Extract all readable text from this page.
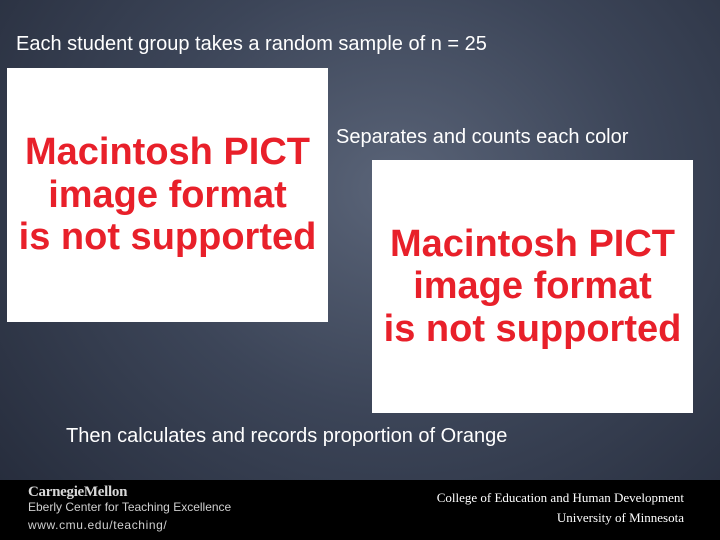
Each student group takes a random sample of n = 25
Macintosh PICT
image format
is not supported
Separates and counts each color
Macintosh PICT
image format
is not supported
Then calculates and records proportion of Orange
CarnegieMellon
Eberly Center for Teaching Excellence
www.cmu.edu/teaching/
College of Education and Human Development
University of Minnesota
